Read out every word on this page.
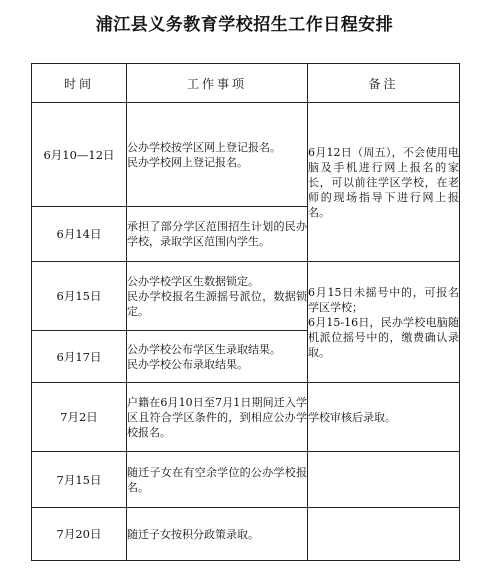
浦江县义务教育学校招生工作日程安排
时间	工作事项	备注
6月10—12日	公办学校按学区网上登记报名。
民办学校网上登记报名。	6月12日（周五），不会使用电脑及手机进行网上报名的家长，可以前往学区学校，在老师的现场指导下进行网上报名。

6月14日	承担了部分学区范围招生计划的民办学校，录取学区范围内学生。	

6月15日	公办学校学区生数据锁定。
民办学校报名生源摇号派位，数据锁定。	6月15日未摇号中的，可报名学区学校；
6月15-16日，民办学校电脑随机派位摇号中的，缴费确认录取。

6月17日	公办学校公布学区生录取结果。
民办学校公布录取结果。	

7月2日	户籍在6月10日至7月1日期间迁入学区且符合学区条件的，到相应公办学校报名。	学校审核后录取。

7月15日	随迁子女在有空余学位的公办学校报名。	

7月20日	随迁子女按积分政策录取。	
